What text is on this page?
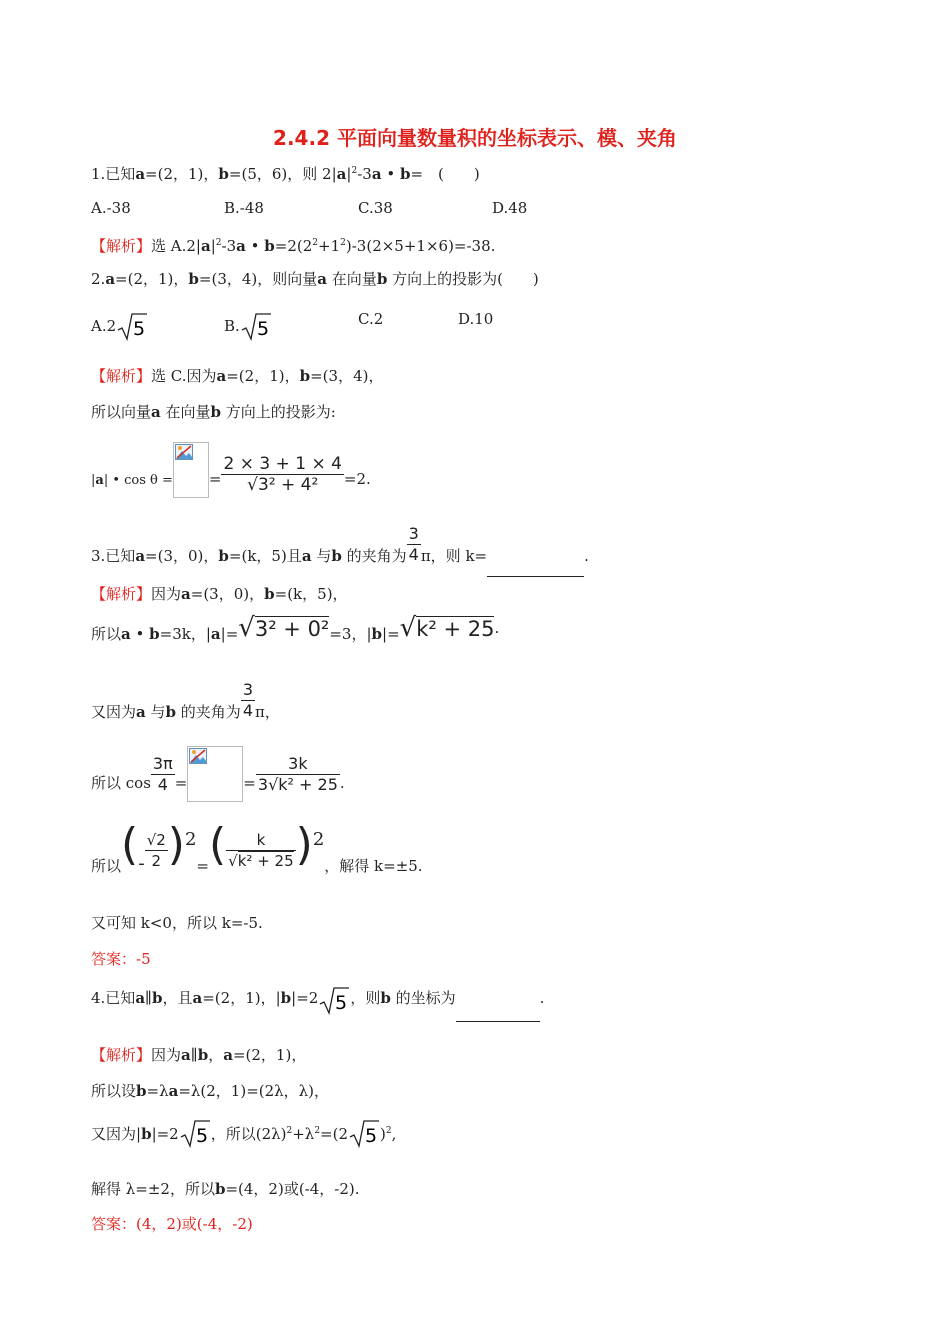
2.4.2 平面向量数量积的坐标表示、模、夹角
1.已知a=(2，1)，b=(5，6)，则 $2|a|^2-3a$ • b=　(　　)
A.-38	B.-48	C.38	D.48
【解析】选 $A.2|a|^2-3a$ • $b=2(2^2+1^2)-3(2\times 5+1\times 6)=-38$.
2.a=(2，1)，b=(3，4)，则向量a 在向量b 方向上的投影为(　　)
A.2 5	B. 5	C.2	D.10
【解析】选 C.因为a=(2，1)，b=(3，4)，
所以向量a 在向量b 方向上的投影为:
|a| • cos θ = = $\frac{2 \times 3 + 1 \times 4}{\text{√3² + 4²}} =2$.
3.已知a=(3，0)，b=(k，5)且a 与b 的夹角为 $\frac{3}{4}$ π，则 k=	.
【解析】因为a=(3，0)，b=(k，5)，
所以a • b=3k，|a|=√3² + 0²=3，|b|=√k² + 25.
又因为a 与b 的夹角为 $\frac{3}{4}$ π，
所以 $\cos \frac{3\pi}{4}$ =	= $\frac{3k}{\text{3√k² + 25}}$ .
所以(- $\frac{√2}{2} )^2=( \frac{k}{\text{√k² + 25}} )^2$，解得 k=±5.
又可知 k<0，所以 k=-5.
答案：-5
4.已知a∥b，且a=(2，1)，|b|=2 5 ，则b 的坐标为	.
【解析】因为a∥b，a=(2，1)，
所以设b=λa=λ(2，1)=(2λ，λ)，
又因为|b|=2 5 ，所以$(2\lambda)^2+\lambda^2=(2$ 5 )$^2$,
解得 λ=±2，所以b=(4，2)或(-4，-2).
答案：(4，2)或(-4，-2)
